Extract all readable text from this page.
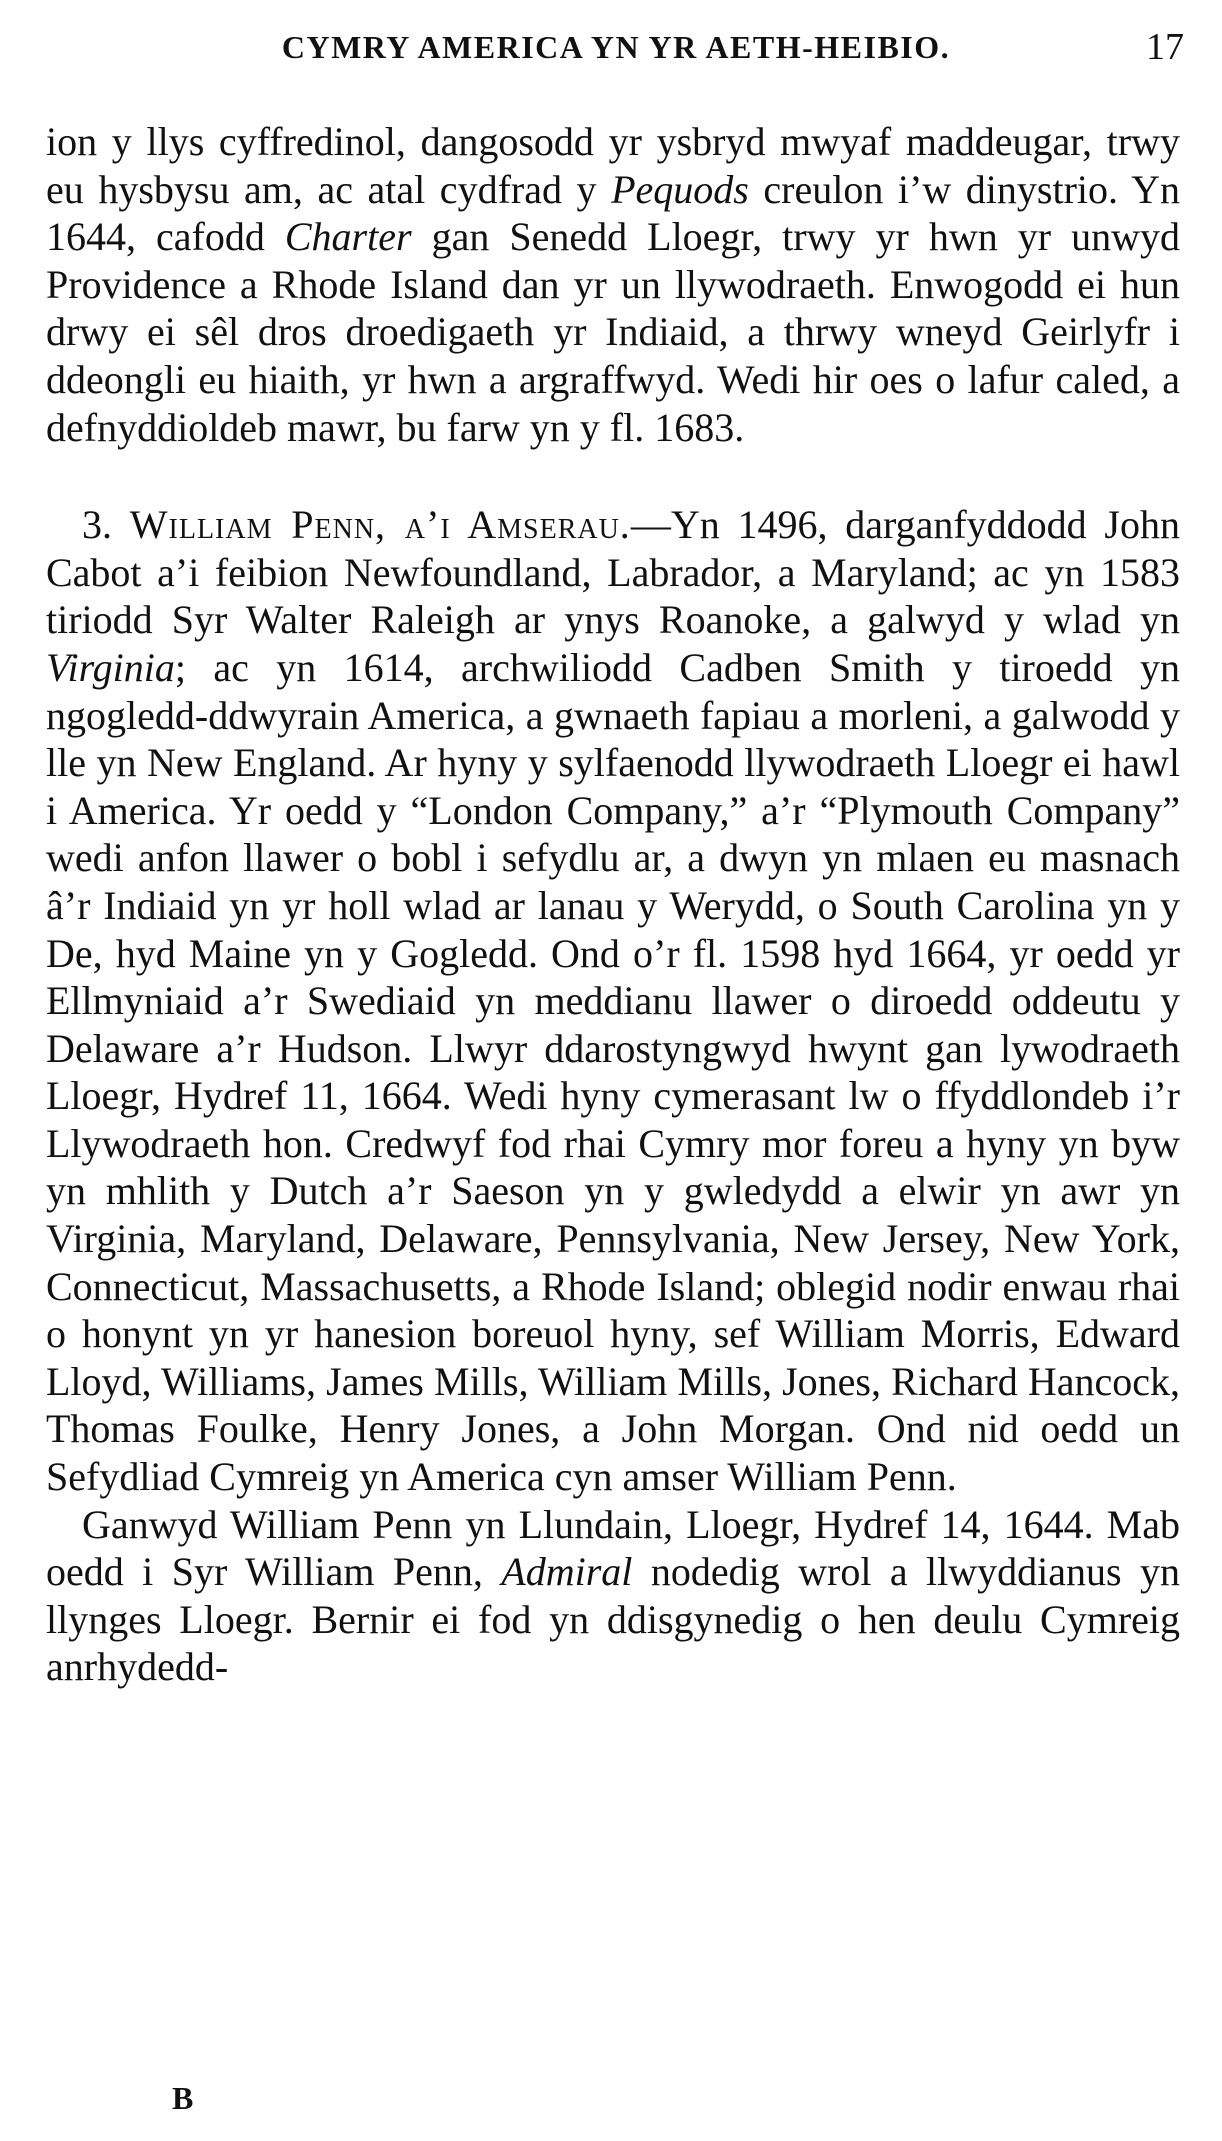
CYMRY AMERICA YN YR AETH-HEIBIO.	17

ion y llys cyffredinol, dangosodd yr ysbryd mwyaf maddeugar, trwy eu hysbysu am, ac atal cydfrad y Pequods creulon i’w dinystrio. Yn 1644, cafodd Charter gan Senedd Lloegr, trwy yr hwn yr unwyd Providence a Rhode Island dan yr un llywodraeth. Enwogodd ei hun drwy ei sêl dros droedigaeth yr Indiaid, a thrwy wneyd Geirlyfr i ddeongli eu hiaith, yr hwn a argraffwyd. Wedi hir oes o lafur caled, a defnyddioldeb mawr, bu farw yn y fl. 1683.

3. William Penn, a’i Amserau.—Yn 1496, darganfyddodd John Cabot a’i feibion Newfoundland, Labrador, a Maryland; ac yn 1583 tiriodd Syr Walter Raleigh ar ynys Roanoke, a galwyd y wlad yn Virginia; ac yn 1614, archwiliodd Cadben Smith y tiroedd yn ngogledd-ddwyrain America, a gwnaeth fapiau a morleni, a galwodd y lle yn New England. Ar hyny y sylfaenodd llywodraeth Lloegr ei hawl i America. Yr oedd y “London Company,” a’r “Plymouth Company” wedi anfon llawer o bobl i sefydlu ar, a dwyn yn mlaen eu masnach â’r Indiaid yn yr holl wlad ar lanau y Werydd, o South Carolina yn y De, hyd Maine yn y Gogledd. Ond o’r fl. 1598 hyd 1664, yr oedd yr Ellmyniaid a’r Swediaid yn meddianu llawer o diroedd oddeutu y Delaware a’r Hudson. Llwyr ddarostyngwyd hwynt gan lywodraeth Lloegr, Hydref 11, 1664. Wedi hyny cymerasant lw o ffyddlondeb i’r Llywodraeth hon. Credwyf fod rhai Cymry mor foreu a hyny yn byw yn mhlith y Dutch a’r Saeson yn y gwledydd a elwir yn awr yn Virginia, Maryland, Delaware, Pennsylvania, New Jersey, New York, Connecticut, Massachusetts, a Rhode Island; oblegid nodir enwau rhai o honynt yn yr hanesion boreuol hyny, sef William Morris, Edward Lloyd, Williams, James Mills, William Mills, Jones, Richard Hancock, Thomas Foulke, Henry Jones, a John Morgan. Ond nid oedd un Sefydliad Cymreig yn America cyn amser William Penn.

Ganwyd William Penn yn Llundain, Lloegr, Hydref 14, 1644. Mab oedd i Syr William Penn, Admiral nodedig wrol a llwyddianus yn llynges Lloegr. Bernir ei fod yn ddisgynedig o hen deulu Cymreig anrhydedd-

B
